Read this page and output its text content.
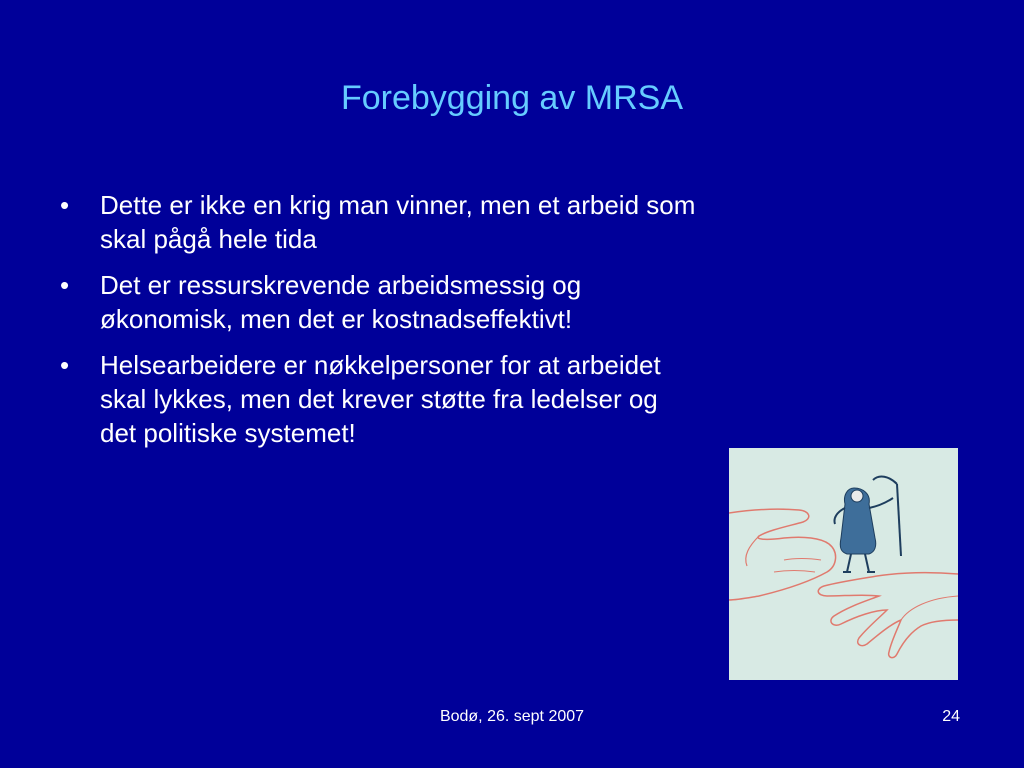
Forebygging av MRSA
•	Dette er ikke en krig man vinner, men et arbeid som skal pågå hele tida
•	Det er ressurskrevende arbeidsmessig og økonomisk, men det er kostnadseffektivt!
•	Helsearbeidere er nøkkelpersoner for at arbeidet skal lykkes, men det krever støtte fra ledelser og det politiske systemet!
Bodø, 26. sept 2007	24
